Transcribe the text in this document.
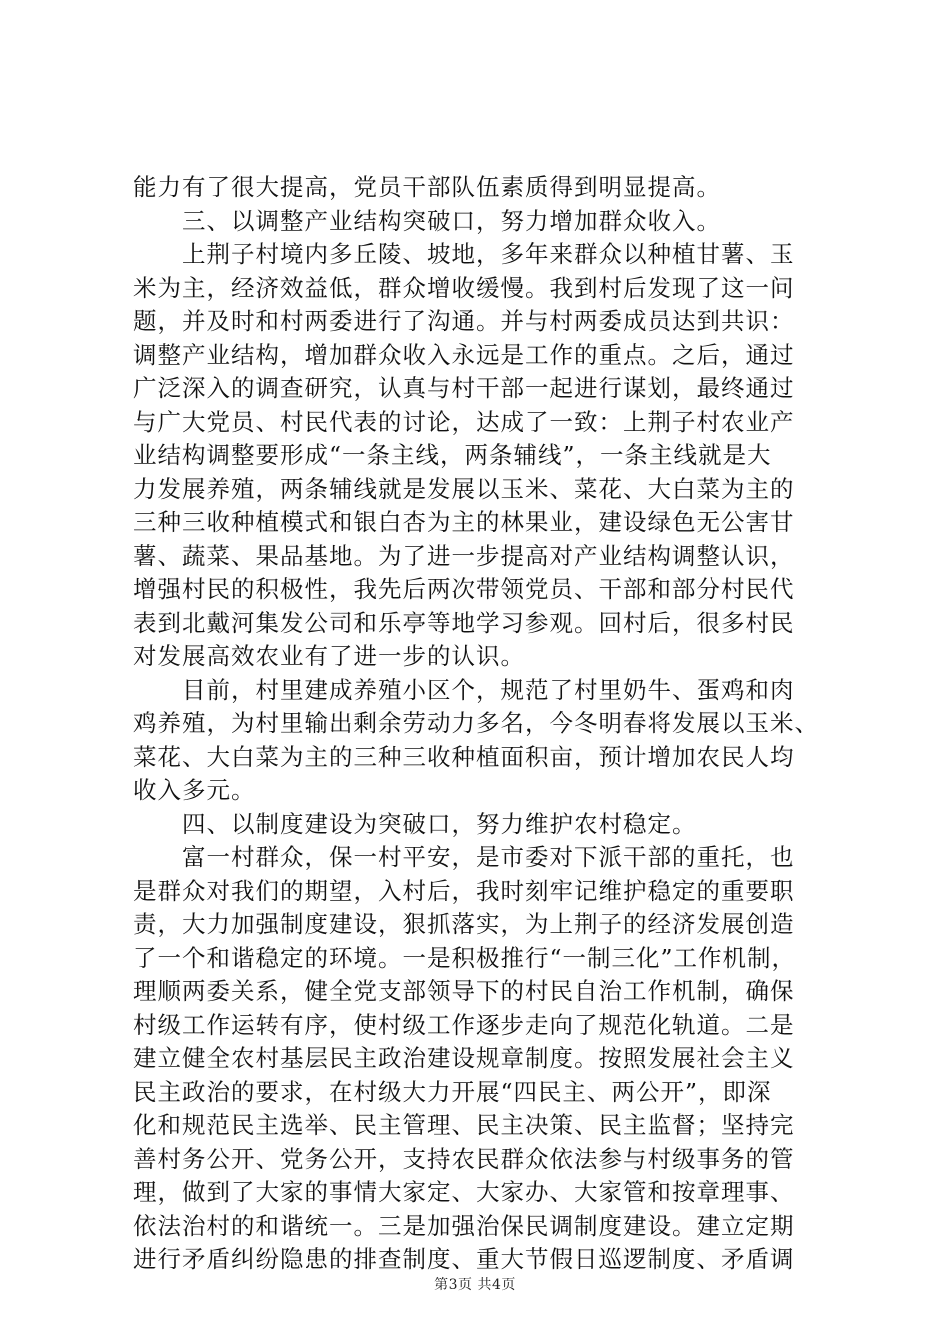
能力有了很大提高，党员干部队伍素质得到明显提高。
　　三、以调整产业结构突破口，努力增加群众收入。
　　上荆子村境内多丘陵、坡地，多年来群众以种植甘薯、玉
米为主，经济效益低，群众增收缓慢。我到村后发现了这一问
题，并及时和村两委进行了沟通。并与村两委成员达到共识：
调整产业结构，增加群众收入永远是工作的重点。之后，通过
广泛深入的调查研究，认真与村干部一起进行谋划，最终通过
与广大党员、村民代表的讨论，达成了一致：上荆子村农业产
业结构调整要形成“一条主线，两条辅线”，一条主线就是大
力发展养殖，两条辅线就是发展以玉米、菜花、大白菜为主的
三种三收种植模式和银白杏为主的林果业，建设绿色无公害甘
薯、蔬菜、果品基地。为了进一步提高对产业结构调整认识，
增强村民的积极性，我先后两次带领党员、干部和部分村民代
表到北戴河集发公司和乐亭等地学习参观。回村后，很多村民
对发展高效农业有了进一步的认识。
　　目前，村里建成养殖小区个，规范了村里奶牛、蛋鸡和肉
鸡养殖，为村里输出剩余劳动力多名，今冬明春将发展以玉米、
菜花、大白菜为主的三种三收种植面积亩，预计增加农民人均
收入多元。
　　四、以制度建设为突破口，努力维护农村稳定。
　　富一村群众，保一村平安，是市委对下派干部的重托，也
是群众对我们的期望，入村后，我时刻牢记维护稳定的重要职
责，大力加强制度建设，狠抓落实，为上荆子的经济发展创造
了一个和谐稳定的环境。一是积极推行“一制三化”工作机制，
理顺两委关系，健全党支部领导下的村民自治工作机制，确保
村级工作运转有序，使村级工作逐步走向了规范化轨道。二是
建立健全农村基层民主政治建设规章制度。按照发展社会主义
民主政治的要求，在村级大力开展“四民主、两公开”，即深
化和规范民主选举、民主管理、民主决策、民主监督；坚持完
善村务公开、党务公开，支持农民群众依法参与村级事务的管
理，做到了大家的事情大家定、大家办、大家管和按章理事、
依法治村的和谐统一。三是加强治保民调制度建设。建立定期
进行矛盾纠纷隐患的排查制度、重大节假日巡逻制度、矛盾调
第3页 共4页
